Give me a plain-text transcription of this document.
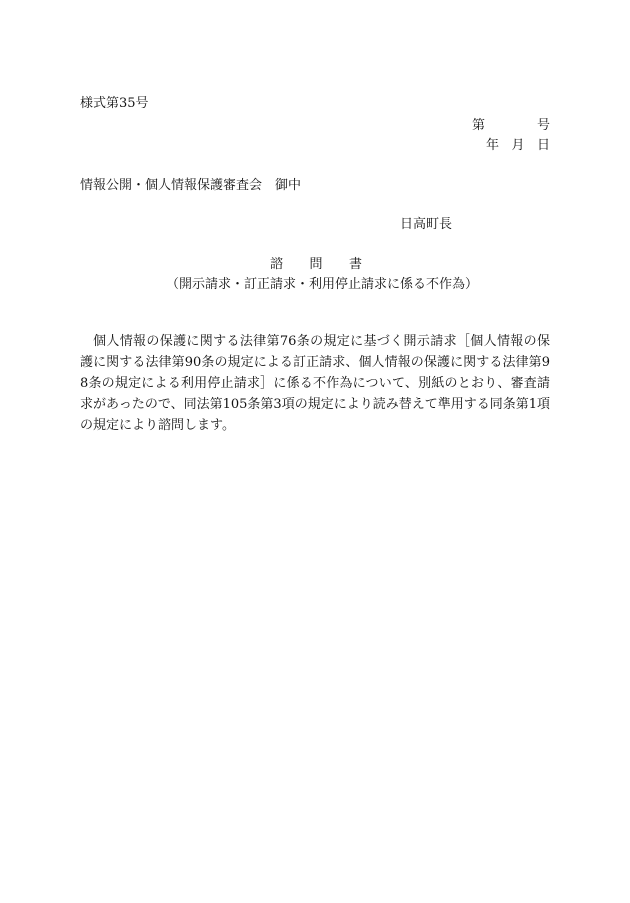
様式第35号
第	号
年 月 日
情報公開・個人情報保護審査会 御中
日高町長
諮 問 書
（開示請求・訂正請求・利用停止請求に係る不作為）

個人情報の保護に関する法律第76条の規定に基づく開示請求［個人情報の保護に関する法律第90条の規定による訂正請求、個人情報の保護に関する法律第98条の規定による利用停止請求］に係る不作為について、別紙のとおり、審査請求があったので、同法第105条第3項の規定により読み替えて準用する同条第1項の規定により諮問します。
